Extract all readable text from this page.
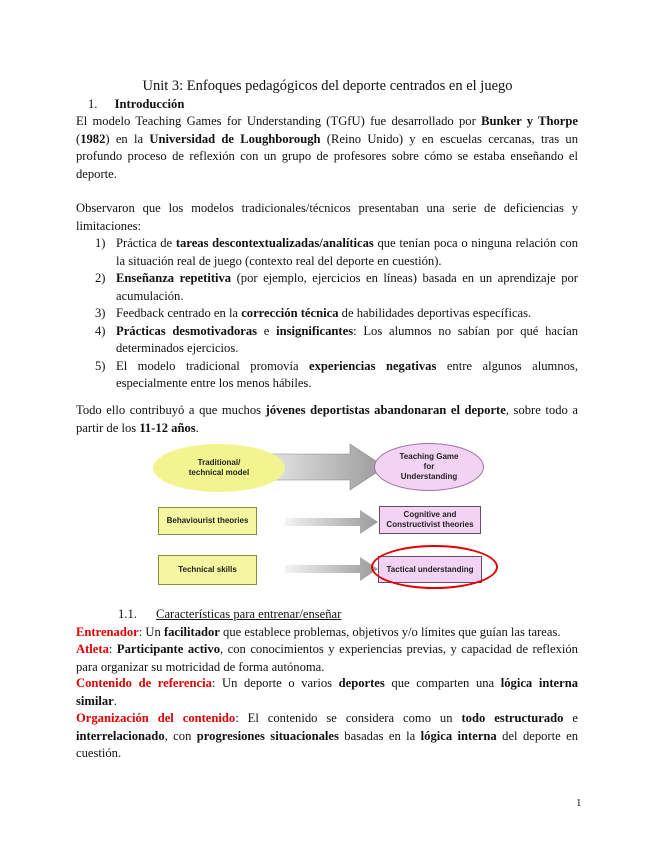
Unit 3: Enfoques pedagógicos del deporte centrados en el juego
1. Introducción
El modelo Teaching Games for Understanding (TGfU) fue desarrollado por Bunker y Thorpe (1982) en la Universidad de Loughborough (Reino Unido) y en escuelas cercanas, tras un profundo proceso de reflexión con un grupo de profesores sobre cómo se estaba enseñando el deporte.
Observaron que los modelos tradicionales/técnicos presentaban una serie de deficiencias y limitaciones:
1) Práctica de tareas descontextualizadas/analíticas que tenían poca o ninguna relación con la situación real de juego (contexto real del deporte en cuestión).
2) Enseñanza repetitiva (por ejemplo, ejercicios en líneas) basada en un aprendizaje por acumulación.
3) Feedback centrado en la corrección técnica de habilidades deportivas específicas.
4) Prácticas desmotivadoras e insignificantes: Los alumnos no sabían por qué hacían determinados ejercicios.
5) El modelo tradicional promovía experiencias negativas entre algunos alumnos, especialmente entre los menos hábiles.
Todo ello contribuyó a que muchos jóvenes deportistas abandonaran el deporte, sobre todo a partir de los 11-12 años.
Traditional/
technical model
Teaching Game
for
Understanding
Behaviourist theories
Cognitive and
Constructivist theories
Technical skills	Tactical understanding
1.1. Características para entrenar/enseñar
Entrenador: Un facilitador que establece problemas, objetivos y/o límites que guían las tareas.
Atleta: Participante activo, con conocimientos y experiencias previas, y capacidad de reflexión para organizar su motricidad de forma autónoma.
Contenido de referencia: Un deporte o varios deportes que comparten una lógica interna similar.
Organización del contenido: El contenido se considera como un todo estructurado e interrelacionado, con progresiones situacionales basadas en la lógica interna del deporte en cuestión.
1
